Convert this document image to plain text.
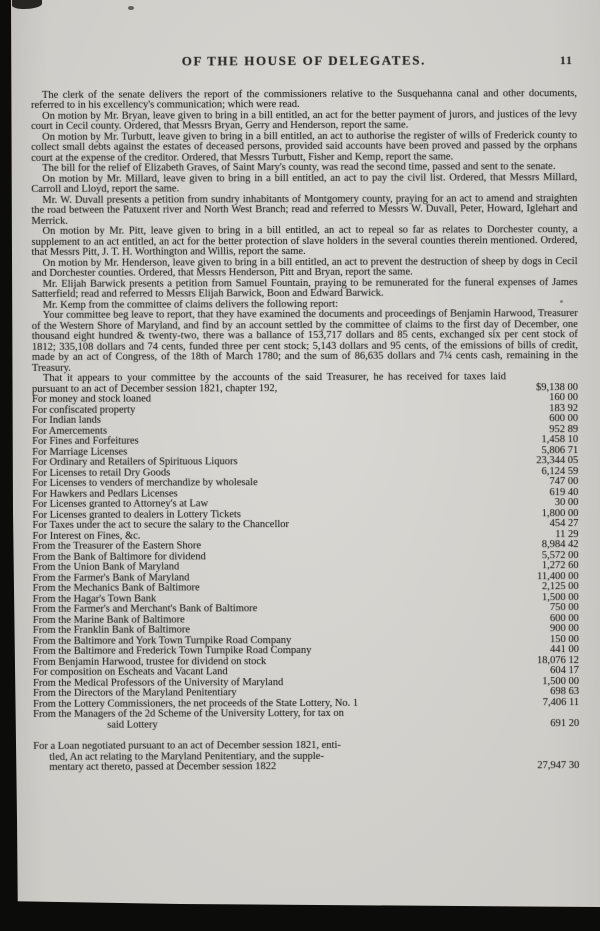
OF THE HOUSE OF DELEGATES.	11

The clerk of the senate delivers the report of the commissioners relative to the Susquehanna canal and other documents, referred to in his excellency's communication; which were read.

On motion by Mr. Bryan, leave given to bring in a bill entitled, an act for the better payment of jurors, and justices of the levy court in Cecil county. Ordered, that Messrs Bryan, Gerry and Henderson, report the same.

On motion by Mr. Turbutt, leave given to bring in a bill entitled, an act to authorise the register of wills of Frederick county to collect small debts against the estates of deceased persons, provided said accounts have been proved and passed by the orphans court at the expense of the creditor. Ordered, that Messrs Turbutt, Fisher and Kemp, report the same.

The bill for the relief of Elizabeth Graves, of Saint Mary's county, was read the second time, passed and sent to the senate.

On motion by Mr. Millard, leave given to bring in a bill entitled, an act to pay the civil list. Ordered, that Messrs Millard, Carroll and Lloyd, report the same.

Mr. W. Duvall presents a petition from sundry inhabitants of Montgomery county, praying for an act to amend and straighten the road between the Patuxent river and North West Branch; read and referred to Messrs W. Duvall, Peter, Howard, Iglehart and Merrick.

On motion by Mr. Pitt, leave given to bring in a bill entitled, an act to repeal so far as relates to Dorchester county, a supplement to an act entitled, an act for the better protection of slave holders in the several counties therein mentioned. Ordered, that Messrs Pitt, J. T. H. Worthington and Willis, report the same.

On motion by Mr. Henderson, leave given to bring in a bill entitled, an act to prevent the destruction of sheep by dogs in Cecil and Dorchester counties. Ordered, that Messrs Henderson, Pitt and Bryan, report the same.

Mr. Elijah Barwick presents a petition from Samuel Fountain, praying to be remunerated for the funeral expenses of James Satterfield; read and referred to Messrs Elijah Barwick, Boon and Edward Barwick.

Mr. Kemp from the committee of claims delivers the following report:

Your committee beg leave to report, that they have examined the documents and proceedings of Benjamin Harwood, Treasurer of the Western Shore of Maryland, and find by an account settled by the committee of claims to the first day of December, one thousand eight hundred & twenty-two, there was a ballance of 153,717 dollars and 85 cents, exchanged six per cent stock of 1812; 335,108 dollars and 74 cents, funded three per cent stock; 5,143 dollars and 95 cents, of the emissions of bills of credit, made by an act of Congress, of the 18th of March 1780; and the sum of 86,635 dollars and 7¼ cents cash, remaining in the Treasury.

That it appears to your committee by the accounts of the said Treasurer, he has received for taxes laid pursuant to an act of December session 1821, chapter 192,	$9,138 00
For money and stock loaned	160 00
For confiscated property	183 92
For Indian lands	600 00
For Amercements	952 89
For Fines and Forfeitures	1,458 10
For Marriage Licenses	5,806 71
For Ordinary and Retailers of Spirituous Liquors	23,344 05
For Licenses to retail Dry Goods	6,124 59
For Licenses to venders of merchandize by wholesale	747 00
For Hawkers and Pedlars Licenses	619 40
For Licenses granted to Attorney's at Law	30 00
For Licenses granted to dealers in Lottery Tickets	1,800 00
For Taxes under the act to secure the salary to the Chancellor	454 27
For Interest on Fines, &c.	11 29
From the Treasurer of the Eastern Shore	8,984 42
From the Bank of Baltimore for dividend	5,572 00
From the Union Bank of Maryland	1,272 60
From the Farmer's Bank of Maryland	11,400 00
From the Mechanics Bank of Baltimore	2,125 00
From the Hagar's Town Bank	1,500 00
From the Farmer's and Merchant's Bank of Baltimore	750 00
From the Marine Bank of Baltimore	600 00
From the Franklin Bank of Baltimore	900 00
From the Baltimore and York Town Turnpike Road Company	150 00
From the Baltimore and Frederick Town Turnpike Road Company	441 00
From Benjamin Harwood, trustee for dividend on stock	18,076 12
For composition on Escheats and Vacant Land	604 17
From the Medical Professors of the University of Maryland	1,500 00
From the Directors of the Maryland Penitentiary	698 63
From the Lottery Commissioners, the net proceeds of the State Lottery, No. 1	7,406 11
From the Managers of the 2d Scheme of the University Lottery, for tax on
said Lottery	691 20
For a Loan negotiated pursuant to an act of December session 1821, enti-
tled, An act relating to the Maryland Penitentiary, and the supple-
mentary act thereto, passed at December session 1822	27,947 30
